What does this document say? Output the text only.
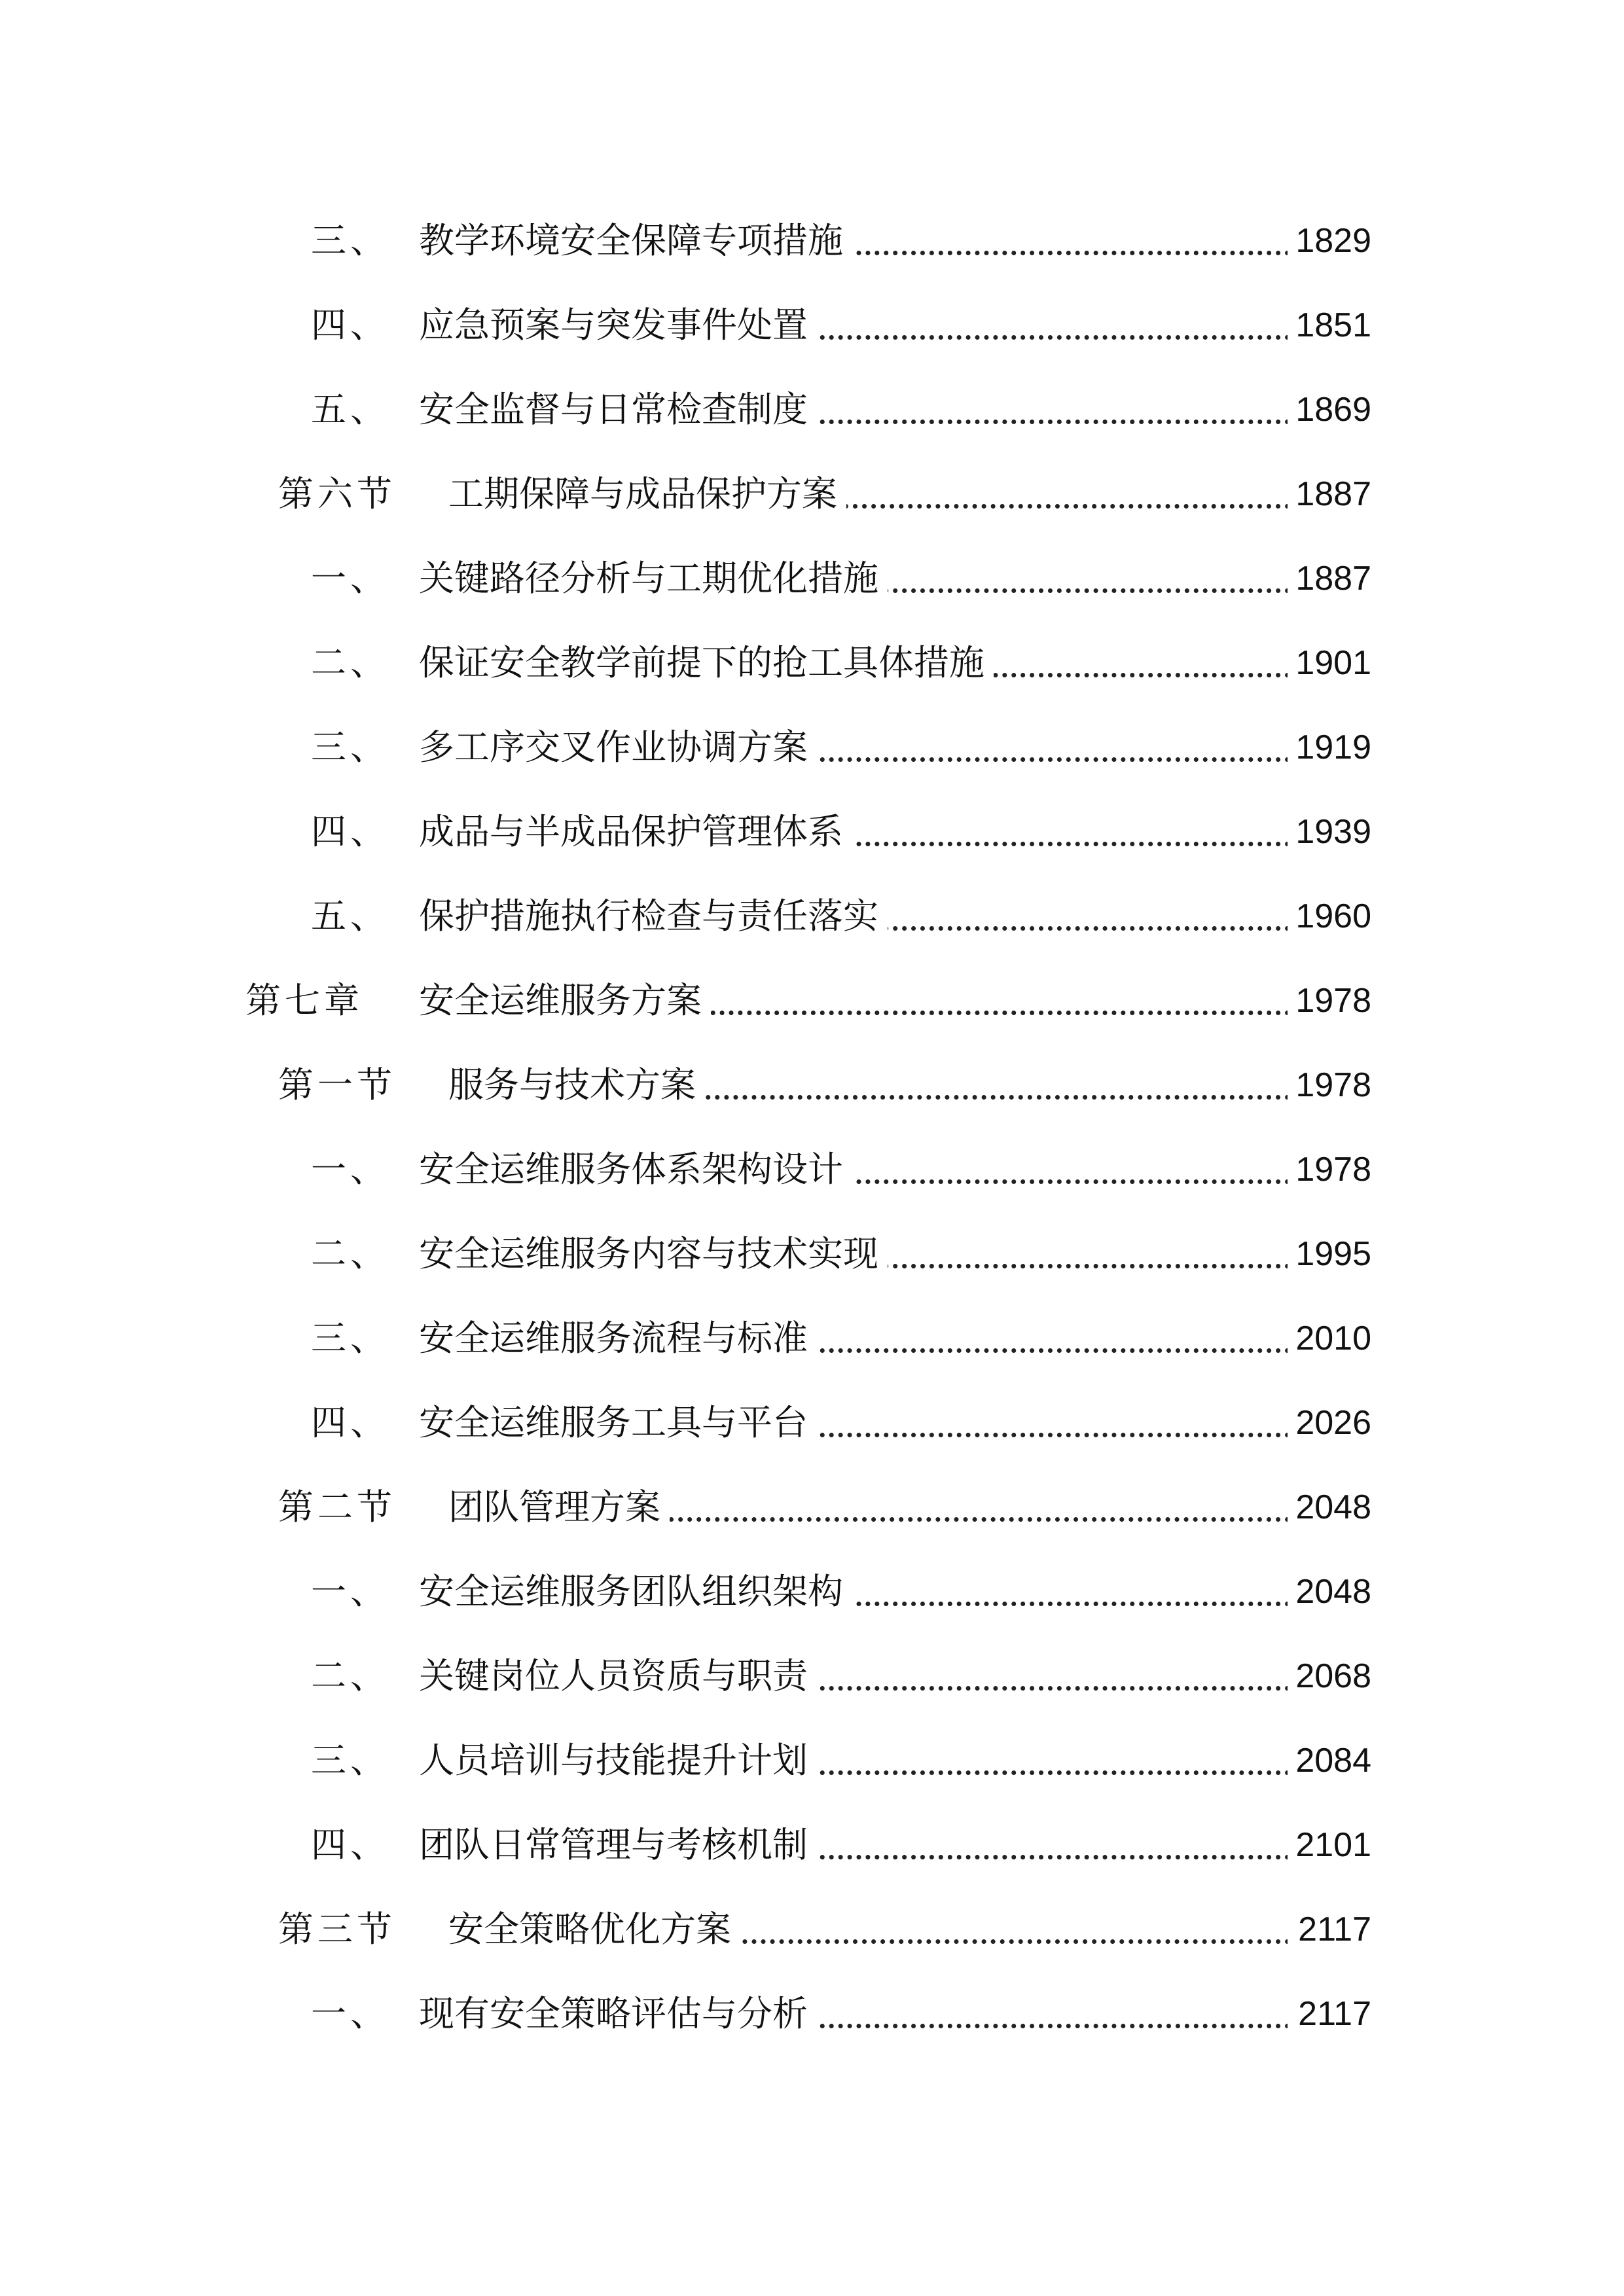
三、 教学环境安全保障专项措施	1829
四、 应急预案与突发事件处置	1851
五、 安全监督与日常检查制度	1869
第六节 工期保障与成品保护方案	1887
一、 关键路径分析与工期优化措施	1887
二、 保证安全教学前提下的抢工具体措施	1901
三、 多工序交叉作业协调方案	1919
四、 成品与半成品保护管理体系	1939
五、 保护措施执行检查与责任落实	1960
第七章 安全运维服务方案	1978
第一节 服务与技术方案	1978
一、 安全运维服务体系架构设计	1978
二、 安全运维服务内容与技术实现	1995
三、 安全运维服务流程与标准	2010
四、 安全运维服务工具与平台	2026
第二节 团队管理方案	2048
一、 安全运维服务团队组织架构	2048
二、 关键岗位人员资质与职责	2068
三、 人员培训与技能提升计划	2084
四、 团队日常管理与考核机制	2101
第三节 安全策略优化方案	2117
一、 现有安全策略评估与分析	2117
